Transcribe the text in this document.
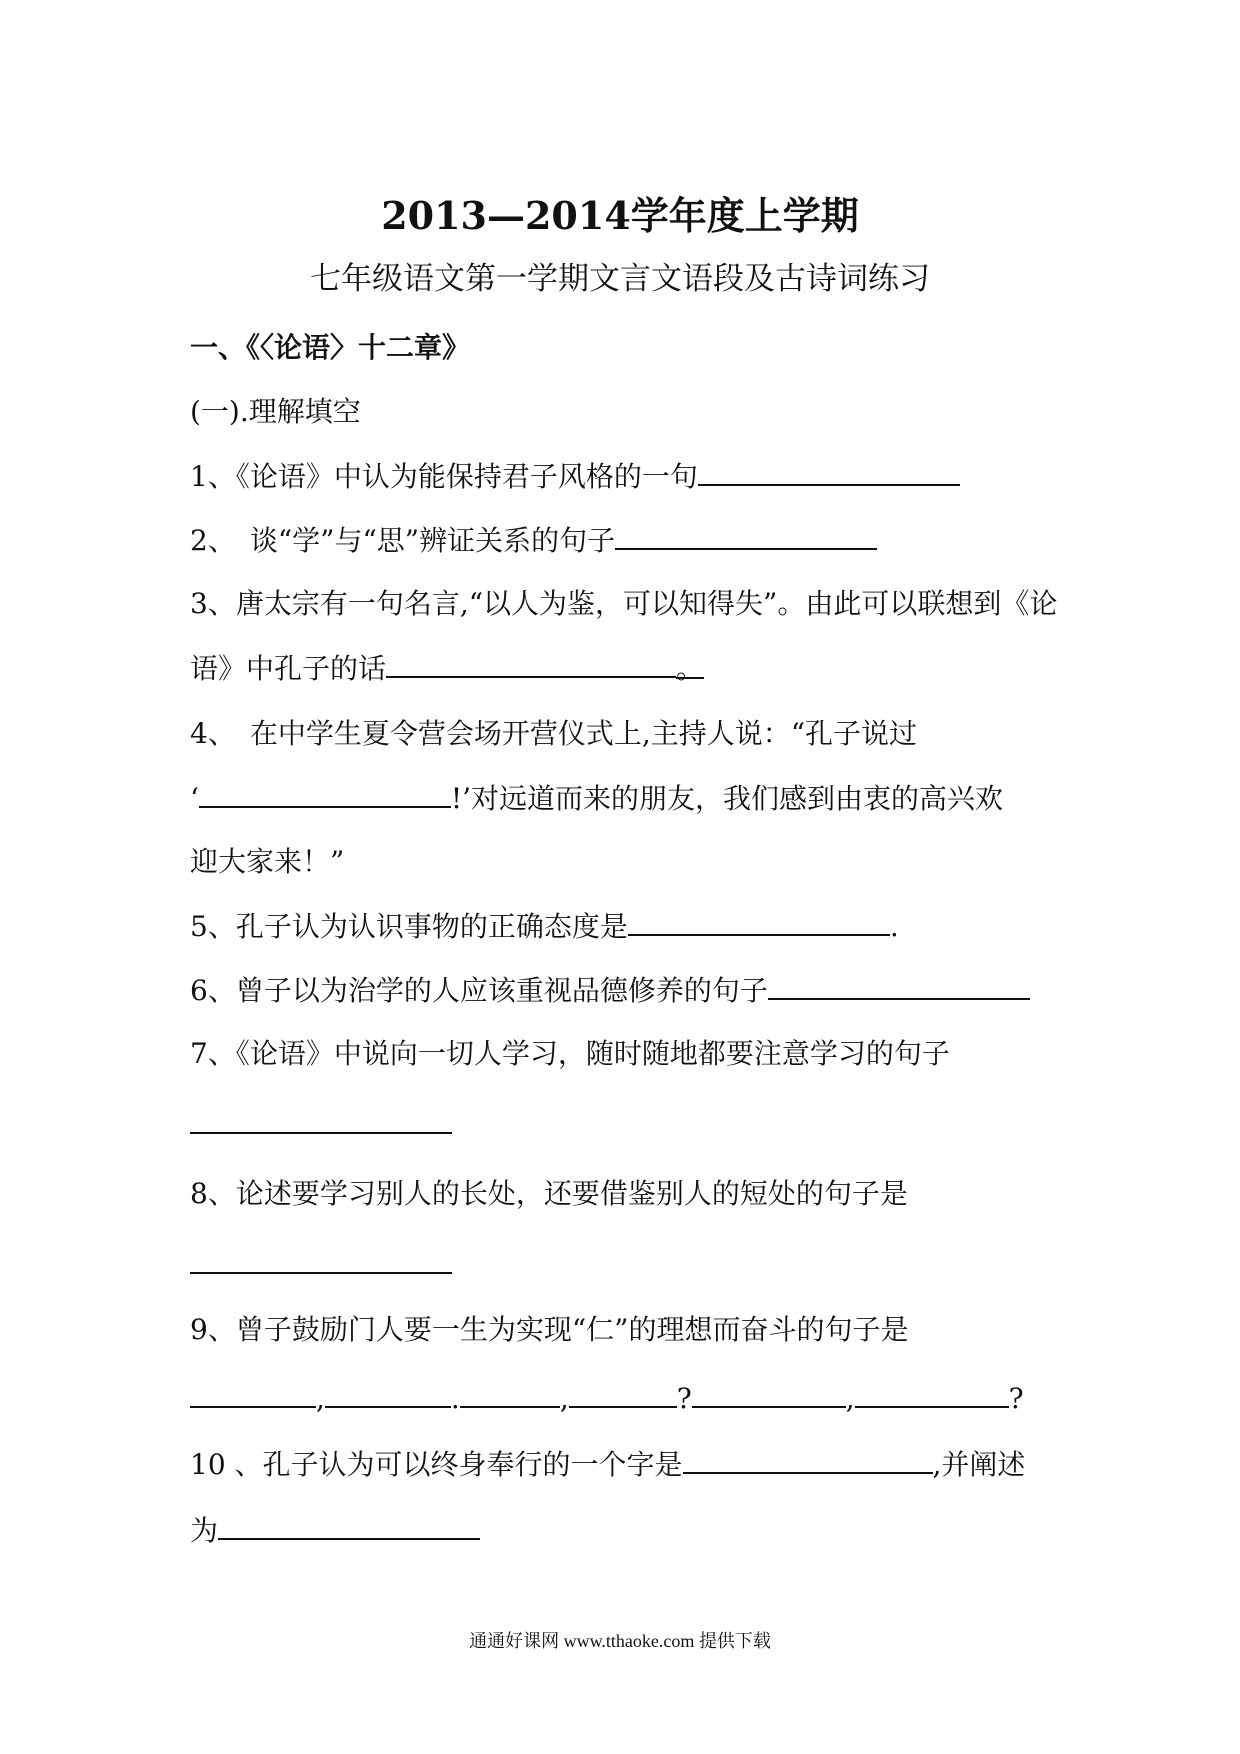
2013—2014学年度上学期
七年级语文第一学期文言文语段及古诗词练习
一、《〈论语〉十二章》
(一).理解填空
1、《论语》中认为能保持君子风格的一句
2、　谈“学”与“思”辨证关系的句子
3、唐太宗有一句名言,“以人为鉴，可以知得失”。由此可以联想到《论
语》中孔子的话	。
4、　在中学生夏令营会场开营仪式上,主持人说：“孔子说过
‘	!’对远道而来的朋友，我们感到由衷的高兴欢
迎大家来！”
5、孔子认为认识事物的正确态度是	.
6、曾子以为治学的人应该重视品德修养的句子
7、《论语》中说向一切人学习，随时随地都要注意学习的句子
8、论述要学习别人的长处，还要借鉴别人的短处的句子是
9、曾子鼓励门人要一生为实现“仁”的理想而奋斗的句子是
,	.	,	?	,	?
10 、孔子认为可以终身奉行的一个字是	,并阐述
为
通通好课网 www.tthaoke.com 提供下载
